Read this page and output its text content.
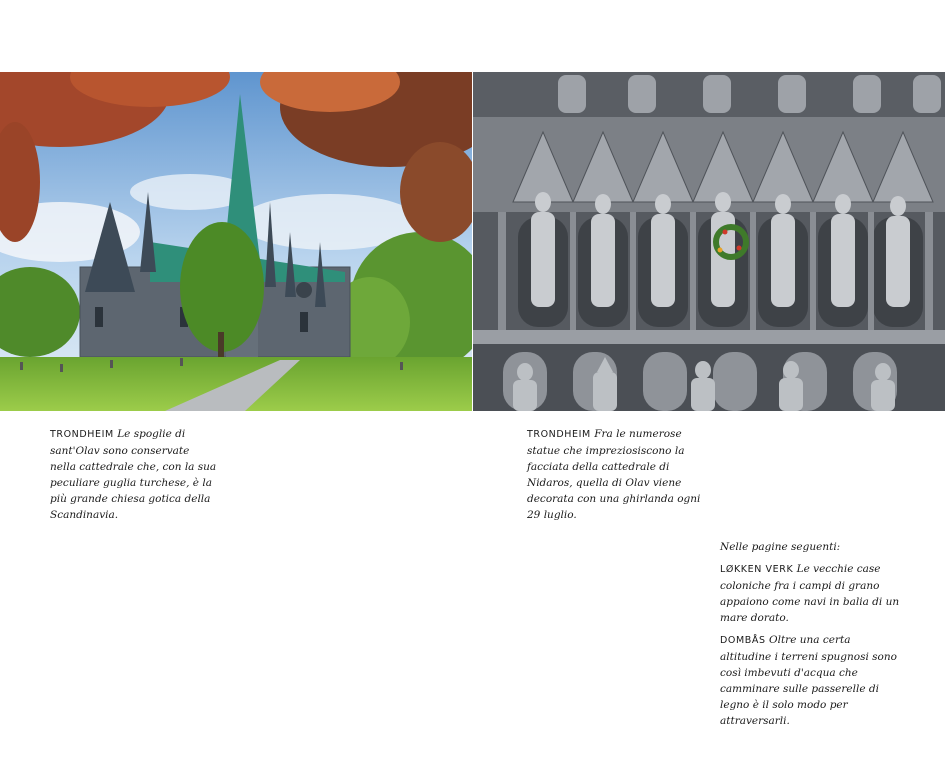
TRONDHEIM Le spoglie di sant'Olav sono conservate nella cattedrale che, con la sua peculiare guglia turchese, è la più grande chiesa gotica della Scandinavia.
TRONDHEIM Fra le numerose statue che impreziosiscono la facciata della cattedrale di Nidaros, quella di Olav viene decorata con una ghirlanda ogni 29 luglio.

Nelle pagine seguenti:

LØKKEN VERK Le vecchie case coloniche fra i campi di grano appaiono come navi in balia di un mare dorato.

DOMBÅS Oltre una certa altitudine i terreni spugnosi sono così imbevuti d'acqua che camminare sulle passerelle di legno è il solo modo per attraversarli.
